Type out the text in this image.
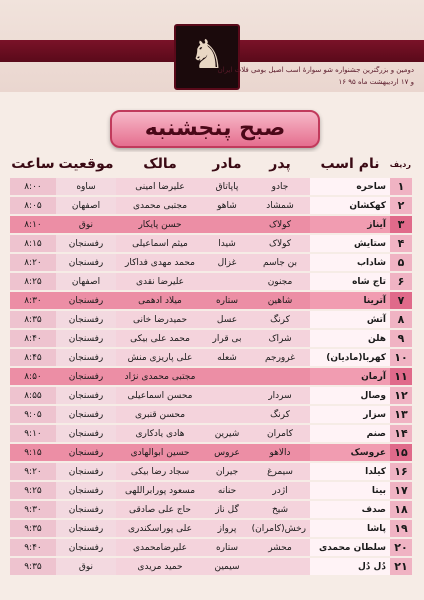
♞
دومین و بزرگترین جشنواره شو سوارهٔ اسب اصیل بومی فلات ایران
۱۶ و ۱۷ اردیبهشت ماه ۹۵
صبح پنجشنبه
ردیف	نام اسب	پدر	مادر	مالک	موقعیت	ساعت
۱	ساحره	جادو	پاپاتاق	علیرضا امینی	ساوه	۸:۰۰
۲	کهکشان	شمشاد	شاهو	مجتبی محمدی	اصفهان	۸:۰۵
۳	آیناز	کولاک		حسن پایکار	نوق	۸:۱۰
۴	ستایش	کولاک	شیدا	میثم اسماعیلی	رفسنجان	۸:۱۵
۵	شاداب	بن جاسم	غزال	محمد مهدی فداکار	رفسنجان	۸:۲۰
۶	تاج شاه	مجنون		علیرضا نقدی	اصفهان	۸:۲۵
۷	آترینا	شاهین	ستاره	میلاد ادهمی	رفسنجان	۸:۳۰
۸	آتش	کرنگ	عسل	حمیدرضا خانی	رفسنجان	۸:۳۵
۹	هلن	شراک	بی قرار	محمد علی بیکی	رفسنجان	۸:۴۰
۱۰	کهربا(مادیان)	غرورجم	شعله	علی پاریزی منش	رفسنجان	۸:۴۵
۱۱	آرمان			مجتبی محمدی نژاد	رفسنجان	۸:۵۰
۱۲	وصال	سردار		محسن اسماعیلی	رفسنجان	۸:۵۵
۱۳	سزار	کرنگ		محسن قنبری	رفسنجان	۹:۰۵
۱۴	صنم	کامران	شیرین	هادی یادکاری	رفسنجان	۹:۱۰
۱۵	عروسک	دالاهو	عروس	حسین ابوالهادی	رفسنجان	۹:۱۵
۱۶	کیلدا	سیمرغ	جیران	سجاد رضا بیکی	رفسنجان	۹:۲۰
۱۷	بیتا	اژدر	حنانه	مسعود پورابراللهی	رفسنجان	۹:۲۵
۱۸	صدف	شیخ	گل ناز	حاج علی صادقی	رفسنجان	۹:۳۰
۱۹	پاشا	رخش(کامران)	پرواز	علی پوراسکندری	رفسنجان	۹:۳۵
۲۰	سلطان محمدی	محشر	ستاره	علیرضامحمدی	رفسنجان	۹:۴۰
۲۱	دُل دُل		سیمین	حمید مریدی	نوق	۹:۳۵
